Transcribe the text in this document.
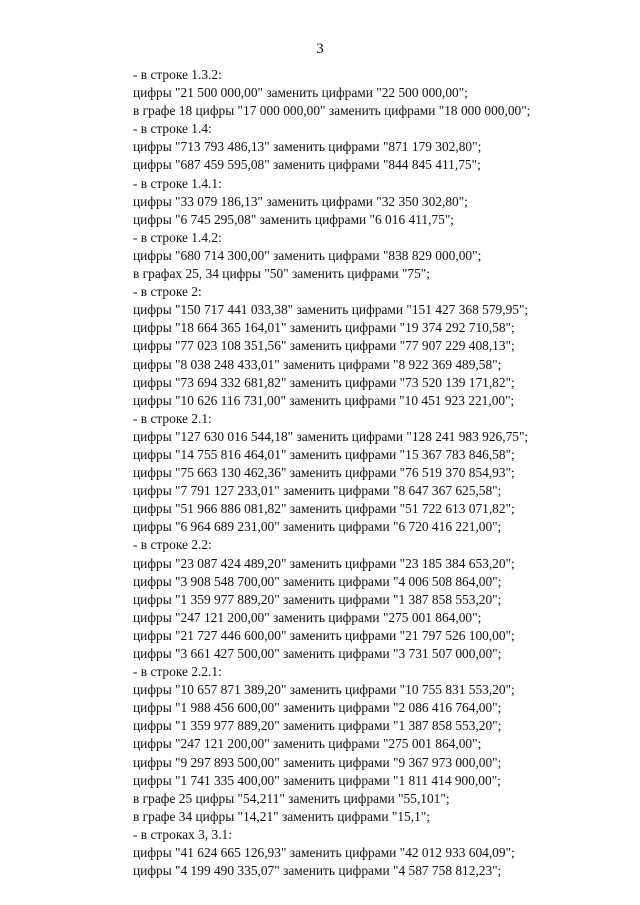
3
- в строке 1.3.2:
цифры "21 500 000,00" заменить цифрами "22 500 000,00";
в графе 18 цифры "17 000 000,00" заменить цифрами "18 000 000,00";
- в строке 1.4:
цифры "713 793 486,13" заменить цифрами "871 179 302,80";
цифры "687 459 595,08" заменить цифрами "844 845 411,75";
- в строке 1.4.1:
цифры "33 079 186,13" заменить цифрами "32 350 302,80";
цифры "6 745 295,08" заменить цифрами "6 016 411,75";
- в строке 1.4.2:
цифры "680 714 300,00" заменить цифрами "838 829 000,00";
в графах 25, 34 цифры "50" заменить цифрами "75";
- в строке 2:
цифры "150 717 441 033,38" заменить цифрами "151 427 368 579,95";
цифры "18 664 365 164,01" заменить цифрами "19 374 292 710,58";
цифры "77 023 108 351,56" заменить цифрами "77 907 229 408,13";
цифры "8 038 248 433,01" заменить цифрами "8 922 369 489,58";
цифры "73 694 332 681,82" заменить цифрами "73 520 139 171,82";
цифры "10 626 116 731,00" заменить цифрами "10 451 923 221,00";
- в строке 2.1:
цифры "127 630 016 544,18" заменить цифрами "128 241 983 926,75";
цифры "14 755 816 464,01" заменить цифрами "15 367 783 846,58";
цифры "75 663 130 462,36" заменить цифрами "76 519 370 854,93";
цифры "7 791 127 233,01" заменить цифрами "8 647 367 625,58";
цифры "51 966 886 081,82" заменить цифрами "51 722 613 071,82";
цифры "6 964 689 231,00" заменить цифрами "6 720 416 221,00";
- в строке 2.2:
цифры "23 087 424 489,20" заменить цифрами "23 185 384 653,20";
цифры "3 908 548 700,00" заменить цифрами "4 006 508 864,00";
цифры "1 359 977 889,20" заменить цифрами "1 387 858 553,20";
цифры "247 121 200,00" заменить цифрами "275 001 864,00";
цифры "21 727 446 600,00" заменить цифрами "21 797 526 100,00";
цифры "3 661 427 500,00" заменить цифрами "3 731 507 000,00";
- в строке 2.2.1:
цифры "10 657 871 389,20" заменить цифрами "10 755 831 553,20";
цифры "1 988 456 600,00" заменить цифрами "2 086 416 764,00";
цифры "1 359 977 889,20" заменить цифрами "1 387 858 553,20";
цифры "247 121 200,00" заменить цифрами "275 001 864,00";
цифры "9 297 893 500,00" заменить цифрами "9 367 973 000,00";
цифры "1 741 335 400,00" заменить цифрами "1 811 414 900,00";
в графе 25 цифры "54,211" заменить цифрами "55,101";
в графе 34 цифры "14,21" заменить цифрами "15,1";
- в строках 3, 3.1:
цифры "41 624 665 126,93" заменить цифрами "42 012 933 604,09";
цифры "4 199 490 335,07" заменить цифрами "4 587 758 812,23";
